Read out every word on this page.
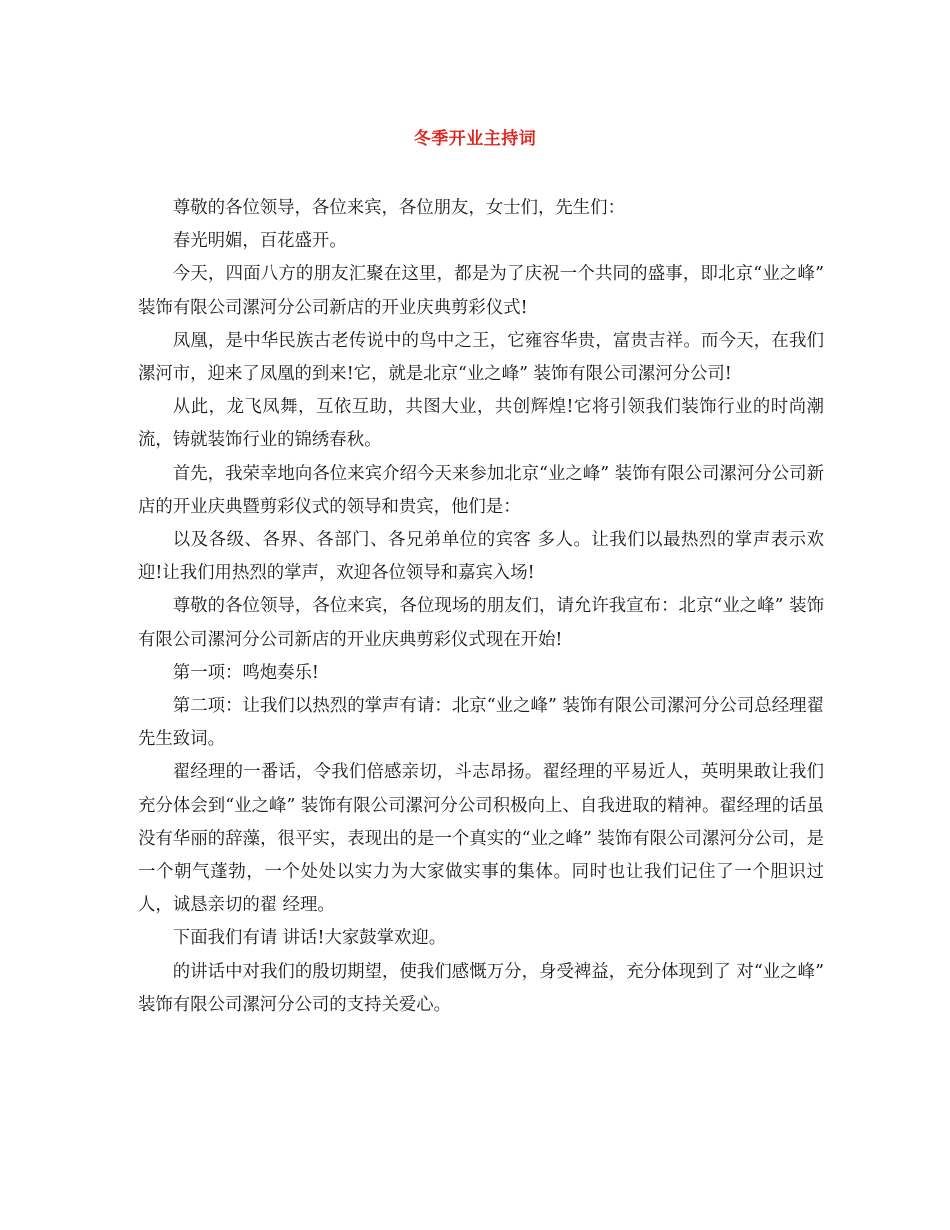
冬季开业主持词

尊敬的各位领导，各位来宾，各位朋友，女士们，先生们：

春光明媚，百花盛开。

今天，四面八方的朋友汇聚在这里，都是为了庆祝一个共同的盛事，即北京“业之峰” 装饰有限公司漯河分公司新店的开业庆典剪彩仪式!

凤凰，是中华民族古老传说中的鸟中之王，它雍容华贵，富贵吉祥。而今天，在我们漯河市，迎来了凤凰的到来!它，就是北京“业之峰” 装饰有限公司漯河分公司!

从此，龙飞凤舞，互依互助，共图大业，共创辉煌!它将引领我们装饰行业的时尚潮流，铸就装饰行业的锦绣春秋。

首先，我荣幸地向各位来宾介绍今天来参加北京“业之峰” 装饰有限公司漯河分公司新店的开业庆典暨剪彩仪式的领导和贵宾，他们是：

以及各级、各界、各部门、各兄弟单位的宾客 多人。让我们以最热烈的掌声表示欢迎!让我们用热烈的掌声，欢迎各位领导和嘉宾入场!

尊敬的各位领导，各位来宾，各位现场的朋友们，请允许我宣布：北京“业之峰” 装饰有限公司漯河分公司新店的开业庆典剪彩仪式现在开始!

第一项：鸣炮奏乐!

第二项：让我们以热烈的掌声有请：北京“业之峰” 装饰有限公司漯河分公司总经理翟 先生致词。

翟经理的一番话，令我们倍感亲切，斗志昂扬。翟经理的平易近人，英明果敢让我们充分体会到“业之峰” 装饰有限公司漯河分公司积极向上、自我进取的精神。翟经理的话虽没有华丽的辞藻，很平实，表现出的是一个真实的“业之峰” 装饰有限公司漯河分公司，是一个朝气蓬勃，一个处处以实力为大家做实事的集体。同时也让我们记住了一个胆识过人，诚恳亲切的翟 经理。

下面我们有请 讲话!大家鼓掌欢迎。

的讲话中对我们的殷切期望，使我们感慨万分，身受裨益，充分体现到了 对“业之峰” 装饰有限公司漯河分公司的支持关爱心。
